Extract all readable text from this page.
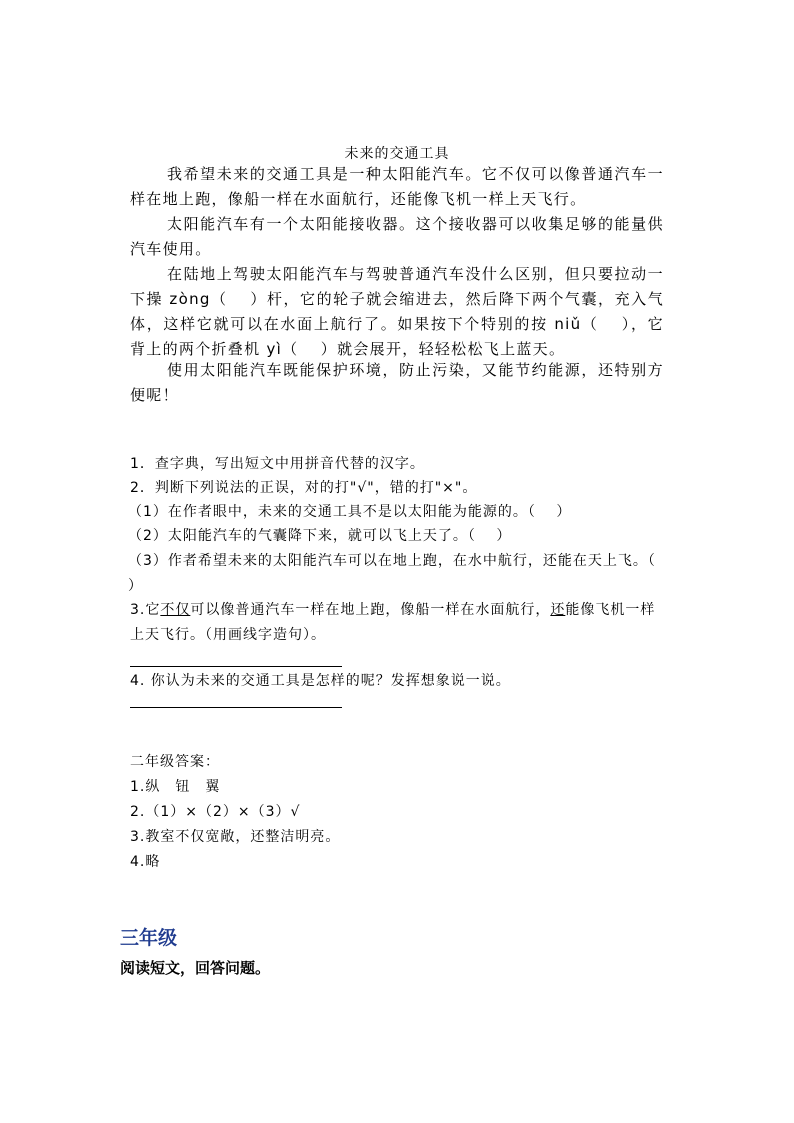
未来的交通工具
我希望未来的交通工具是一种太阳能汽车。它不仅可以像普通汽车一样在地上跑，像船一样在水面航行，还能像飞机一样上天飞行。
太阳能汽车有一个太阳能接收器。这个接收器可以收集足够的能量供汽车使用。
在陆地上驾驶太阳能汽车与驾驶普通汽车没什么区别，但只要拉动一下操 zòng（　 ）杆，它的轮子就会缩进去，然后降下两个气囊，充入气体，这样它就可以在水面上航行了。如果按下个特别的按 niǔ（　 ），它背上的两个折叠机 yì（　 ）就会展开，轻轻松松飞上蓝天。
使用太阳能汽车既能保护环境，防止污染，又能节约能源，还特别方便呢！
1．查字典，写出短文中用拼音代替的汉字。
2．判断下列说法的正误，对的打"√"，错的打"×"。
（1）在作者眼中，未来的交通工具不是以太阳能为能源的。（　 ）
（2）太阳能汽车的气囊降下来，就可以飞上天了。（　 ）
（3）作者希望未来的太阳能汽车可以在地上跑，在水中航行，还能在天上飞。（　 ）
3.它不仅可以像普通汽车一样在地上跑，像船一样在水面航行，还能像飞机一样上天飞行。（用画线字造句）。
4. 你认为未来的交通工具是怎样的呢？发挥想象说一说。
二年级答案：
1.纵　钮　翼
2.（1）×（2）×（3）√
3.教室不仅宽敞，还整洁明亮。
4.略
三年级
阅读短文，回答问题。
